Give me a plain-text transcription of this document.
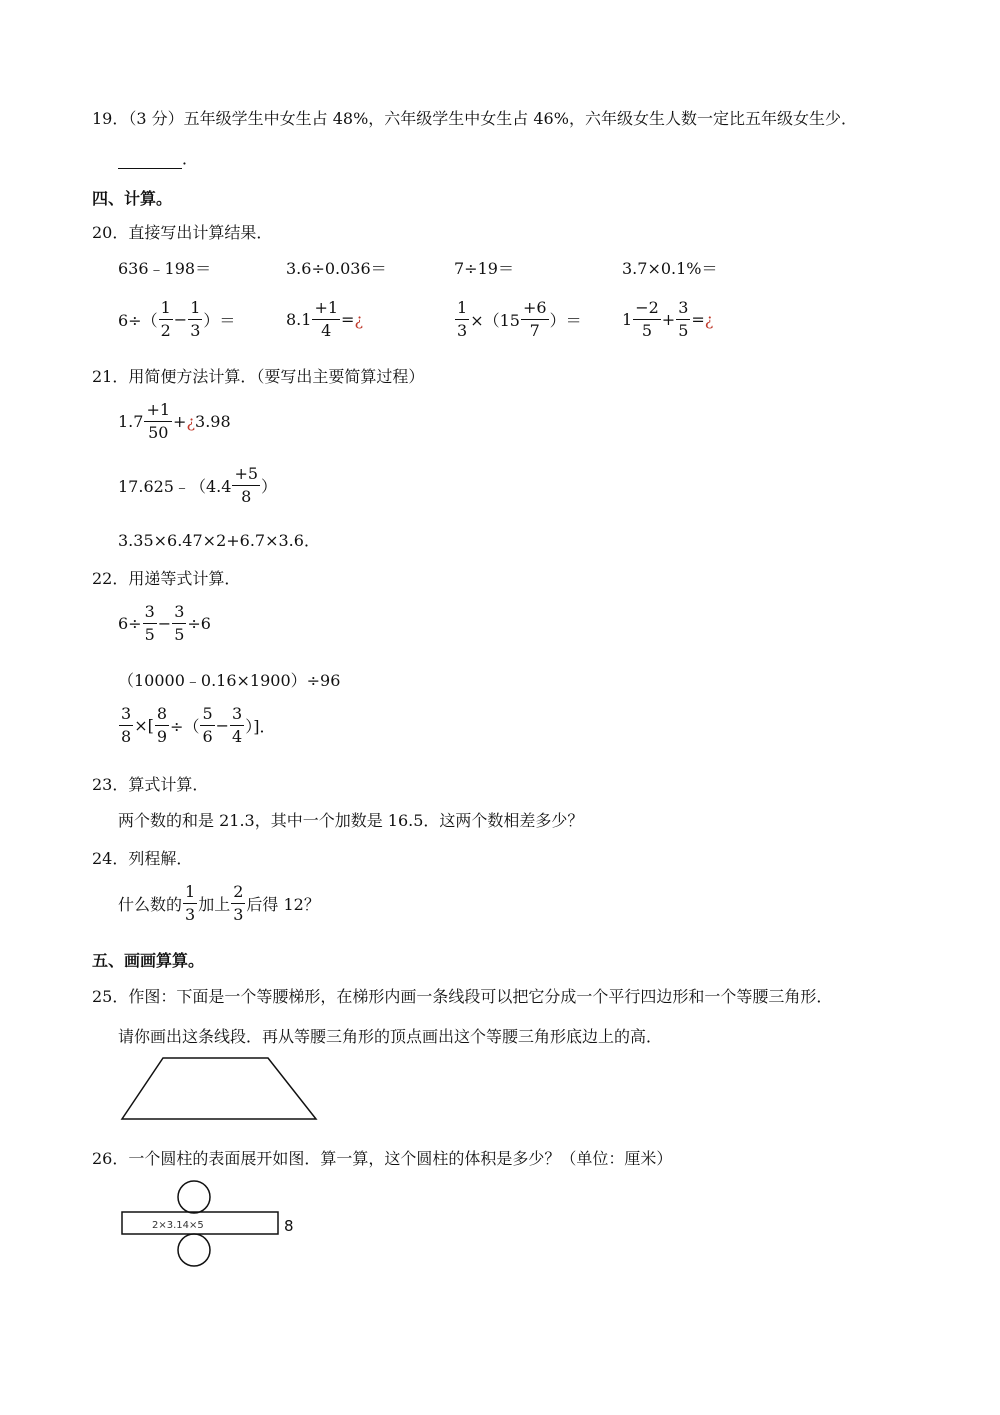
19．（3 分）五年级学生中女生占 48%，六年级学生中女生占 46%，六年级女生人数一定比五年级女生少．
．
四、计算。
20．直接写出计算结果．
636﹣198＝	3.6÷0.036＝	7÷19＝	3.7×0.1%＝
$6\div( \frac{1}{2} - \frac{1}{3}$ ）＝	$8.1 \frac{+1}{4}$ = ¿	$\frac{1}{3} \times(15 \frac{+6}{7}$ ）＝	$1 \frac{-2}{5} + \frac{3}{5}$ = ¿
21．用简便方法计算．（要写出主要简算过程）
$1.7 \frac{+1}{50}$ + ¿ 3.98
17.625﹣（4.4 $\frac{+5}{8}$ ）
3.35×6.47×2+6.7×3.6．
22．用递等式计算．
$6\div \frac{3}{5} - \frac{3}{5} \div 6$
（10000﹣0.16×1900）÷96
$\frac{3}{8}$ ×[ $\frac{8}{9}$ ÷（ $\frac{5}{6} - \frac{3}{4}$ ）]．
23．算式计算．
两个数的和是 21.3，其中一个加数是 16.5．这两个数相差多少？
24．列程解．
什么数的 $\frac{1}{3}$ 加上 $\frac{2}{3}$ 后得 12？
五、画画算算。
25．作图：下面是一个等腰梯形，在梯形内画一条线段可以把它分成一个平行四边形和一个等腰三角形．
请你画出这条线段．再从等腰三角形的顶点画出这个等腰三角形底边上的高．
26．一个圆柱的表面展开如图．算一算，这个圆柱的体积是多少？（单位：厘米）
2×3.14×5	8
